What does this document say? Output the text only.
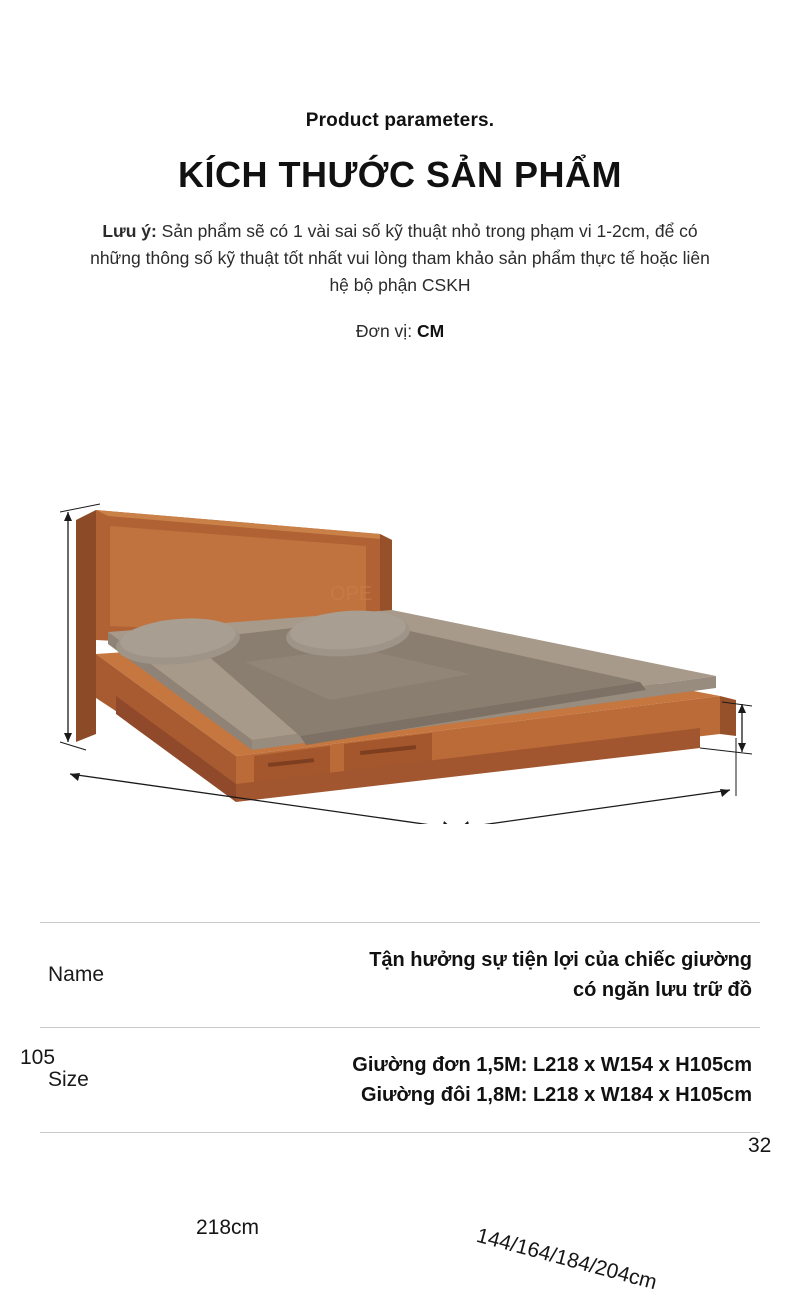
Product parameters.
KÍCH THƯỚC SẢN PHẨM
Lưu ý: Sản phẩm sẽ có 1 vài sai số kỹ thuật nhỏ trong phạm vi 1-2cm, để có những thông số kỹ thuật tốt nhất vui lòng tham khảo sản phẩm thực tế hoặc liên hệ bộ phận CSKH
Đơn vị: CM
OPE
105
32
218cm	144/164/184/204cm
Name
Tận hưởng sự tiện lợi của chiếc giường
có ngăn lưu trữ đồ
Size
Giường đơn 1,5M: L218 x W154 x H105cm
Giường đôi 1,8M: L218 x W184 x H105cm
